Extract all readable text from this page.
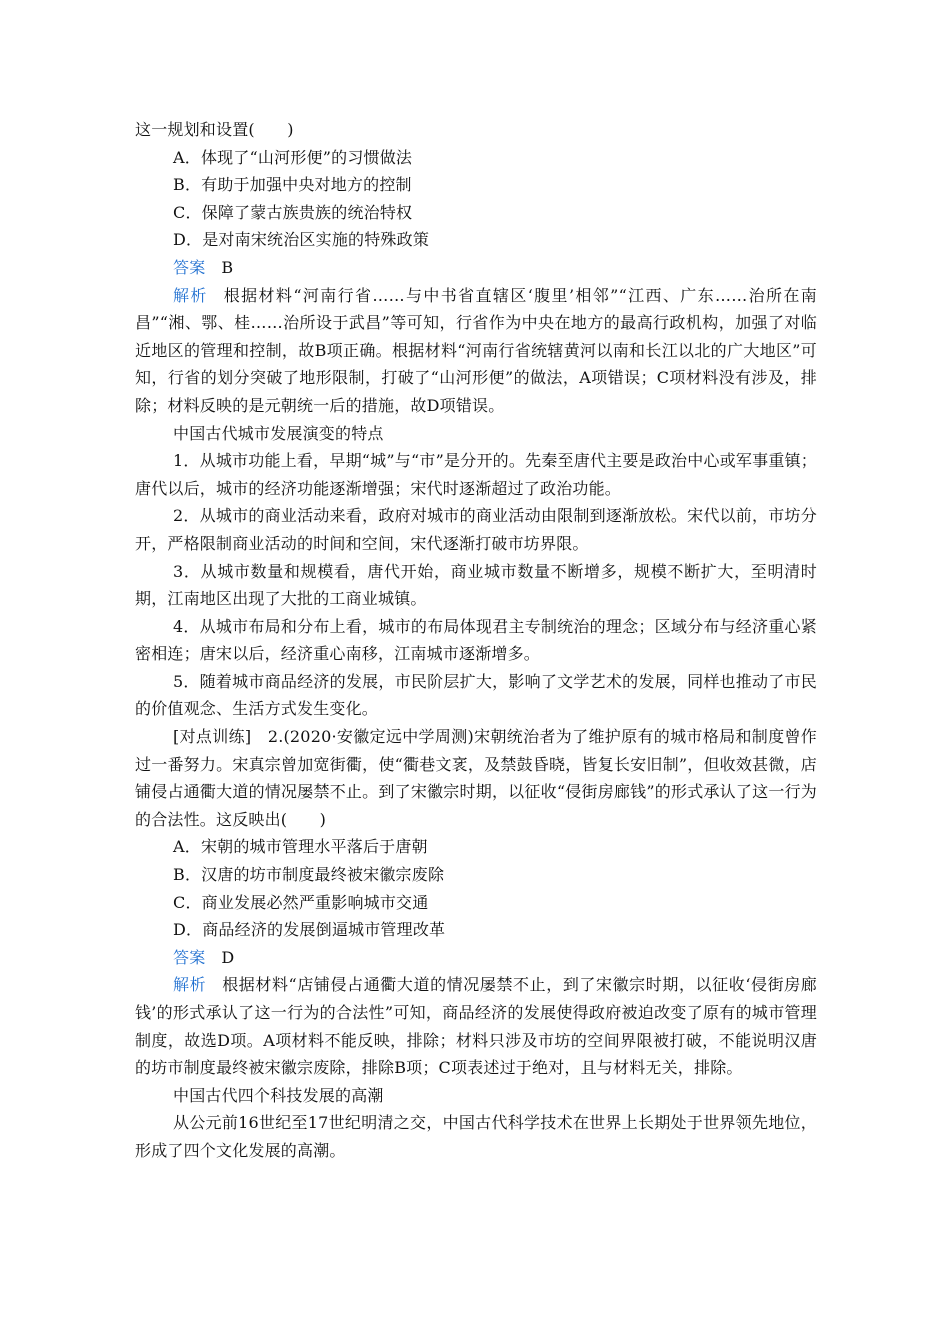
这一规划和设置(　　)

A．体现了“山河形便”的习惯做法

B．有助于加强中央对地方的控制

C．保障了蒙古族贵族的统治特权

D．是对南宋统治区实施的特殊政策

答案 B

解析 根据材料“河南行省……与中书省直辖区‘腹里’相邻”“江西、广东……治所在南昌”“湘、鄂、桂……治所设于武昌”等可知，行省作为中央在地方的最高行政机构，加强了对临近地区的管理和控制，故B项正确。根据材料“河南行省统辖黄河以南和长江以北的广大地区”可知，行省的划分突破了地形限制，打破了“山河形便”的做法，A项错误；C项材料没有涉及，排除；材料反映的是元朝统一后的措施，故D项错误。

中国古代城市发展演变的特点

1．从城市功能上看，早期“城”与“市”是分开的。先秦至唐代主要是政治中心或军事重镇；唐代以后，城市的经济功能逐渐增强；宋代时逐渐超过了政治功能。

2．从城市的商业活动来看，政府对城市的商业活动由限制到逐渐放松。宋代以前，市坊分开，严格限制商业活动的时间和空间，宋代逐渐打破市坊界限。

3．从城市数量和规模看，唐代开始，商业城市数量不断增多，规模不断扩大，至明清时期，江南地区出现了大批的工商业城镇。

4．从城市布局和分布上看，城市的布局体现君主专制统治的理念；区域分布与经济重心紧密相连；唐宋以后，经济重心南移，江南城市逐渐增多。

5．随着城市商品经济的发展，市民阶层扩大，影响了文学艺术的发展，同样也推动了市民的价值观念、生活方式发生变化。

[对点训练]　2.(2020·安徽定远中学周测)宋朝统治者为了维护原有的城市格局和制度曾作过一番努力。宋真宗曾加宽街衢，使“衢巷文衺，及禁鼓昏晓，皆复长安旧制”，但收效甚微，店铺侵占通衢大道的情况屡禁不止。到了宋徽宗时期，以征收“侵街房廊钱”的形式承认了这一行为的合法性。这反映出(　　)

A．宋朝的城市管理水平落后于唐朝

B．汉唐的坊市制度最终被宋徽宗废除

C．商业发展必然严重影响城市交通

D．商品经济的发展倒逼城市管理改革

答案 D

解析 根据材料“店铺侵占通衢大道的情况屡禁不止，到了宋徽宗时期，以征收‘侵街房廊钱’的形式承认了这一行为的合法性”可知，商品经济的发展使得政府被迫改变了原有的城市管理制度，故选D项。A项材料不能反映，排除；材料只涉及市坊的空间界限被打破，不能说明汉唐的坊市制度最终被宋徽宗废除，排除B项；C项表述过于绝对，且与材料无关，排除。

中国古代四个科技发展的高潮

从公元前16世纪至17世纪明清之交，中国古代科学技术在世界上长期处于世界领先地位，形成了四个文化发展的高潮。
